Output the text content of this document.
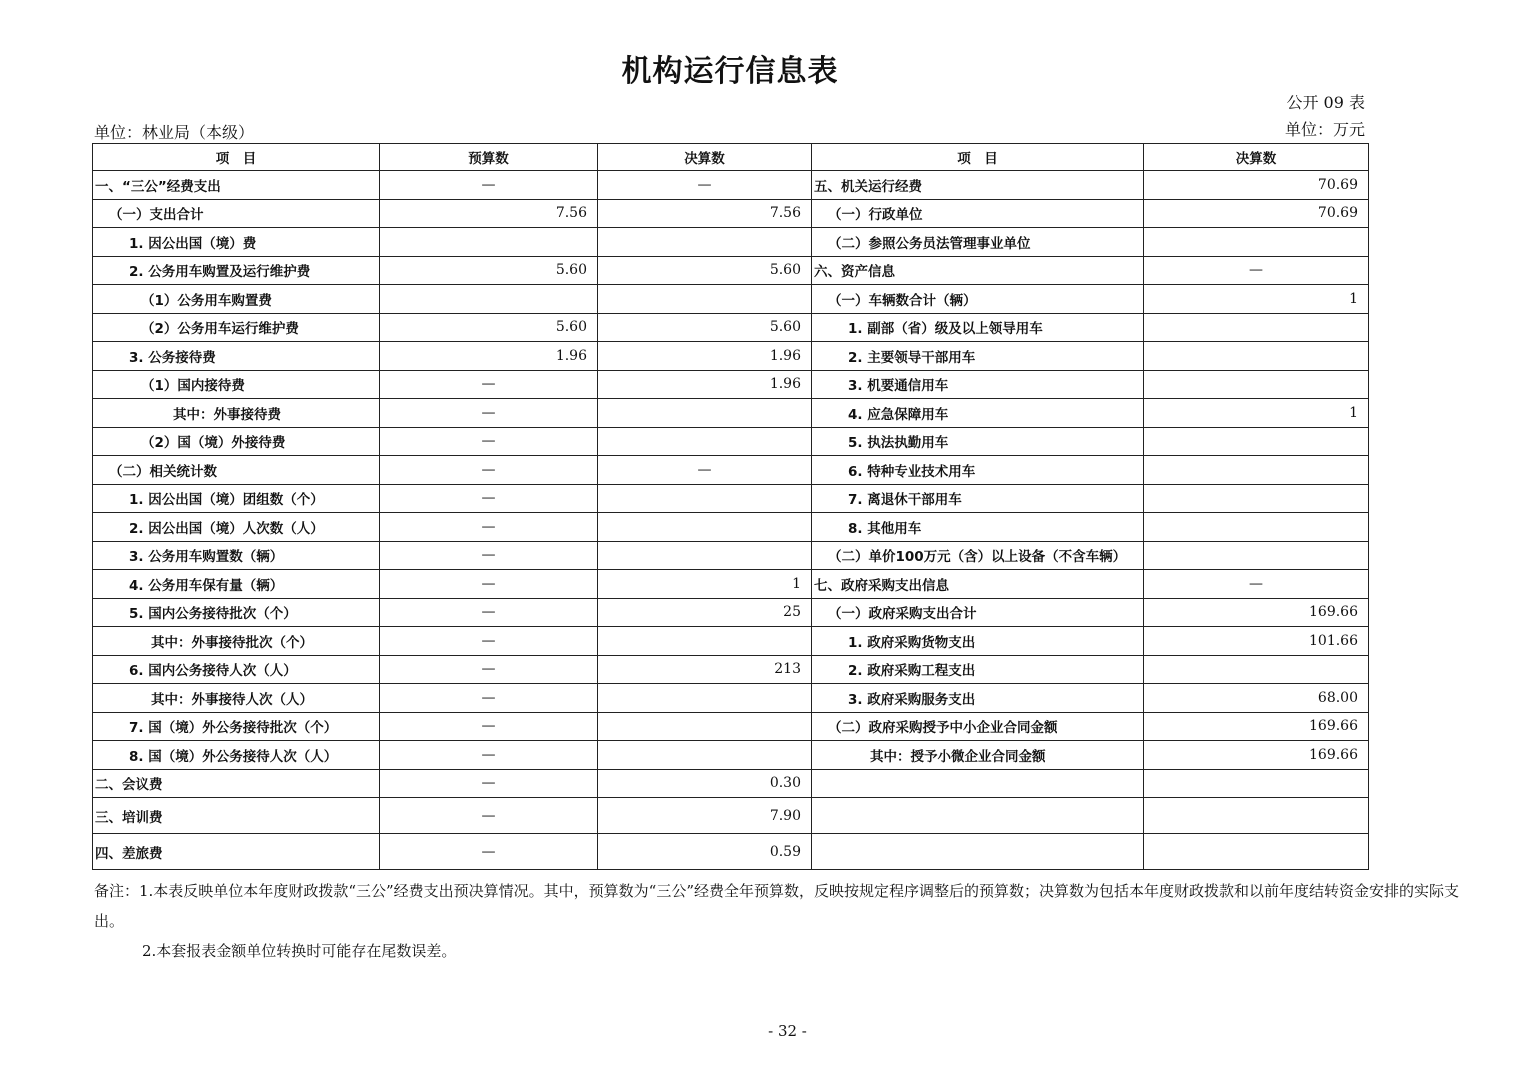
机构运行信息表
公开 09 表
单位：林业局（本级）	单位：万元
项　目	预算数	决算数	项　目	决算数
一、“三公”经费支出	—	—	五、机关运行经费	70.69
（一）支出合计	7.56	7.56	（一）行政单位	70.69
1. 因公出国（境）费			（二）参照公务员法管理事业单位	
2. 公务用车购置及运行维护费	5.60	5.60	六、资产信息	—
（1）公务用车购置费			（一）车辆数合计（辆）	1
（2）公务用车运行维护费	5.60	5.60	1. 副部（省）级及以上领导用车	
3. 公务接待费	1.96	1.96	2. 主要领导干部用车	
（1）国内接待费	—	1.96	3. 机要通信用车	
其中：外事接待费	—		4. 应急保障用车	1
（2）国（境）外接待费	—		5. 执法执勤用车	
（二）相关统计数	—	—	6. 特种专业技术用车	
1. 因公出国（境）团组数（个）	—		7. 离退休干部用车	
2. 因公出国（境）人次数（人）	—		8. 其他用车	
3. 公务用车购置数（辆）	—		（二）单价100万元（含）以上设备（不含车辆）	
4. 公务用车保有量（辆）	—	1	七、政府采购支出信息	—
5. 国内公务接待批次（个）	—	25	（一）政府采购支出合计	169.66
其中：外事接待批次（个）	—		1. 政府采购货物支出	101.66
6. 国内公务接待人次（人）	—	213	2. 政府采购工程支出	
其中：外事接待人次（人）	—		3. 政府采购服务支出	68.00
7. 国（境）外公务接待批次（个）	—		（二）政府采购授予中小企业合同金额	169.66
8. 国（境）外公务接待人次（人）	—		其中：授予小微企业合同金额	169.66
二、会议费	—	0.30		
三、培训费	—	7.90		
四、差旅费	—	0.59		

备注：1.本表反映单位本年度财政拨款“三公”经费支出预决算情况。其中，预算数为“三公”经费全年预算数，反映按规定程序调整后的预算数；决算数为包括本年度财政拨款和以前年度结转资金安排的实际支出。

2.本套报表金额单位转换时可能存在尾数误差。

- 32 -
